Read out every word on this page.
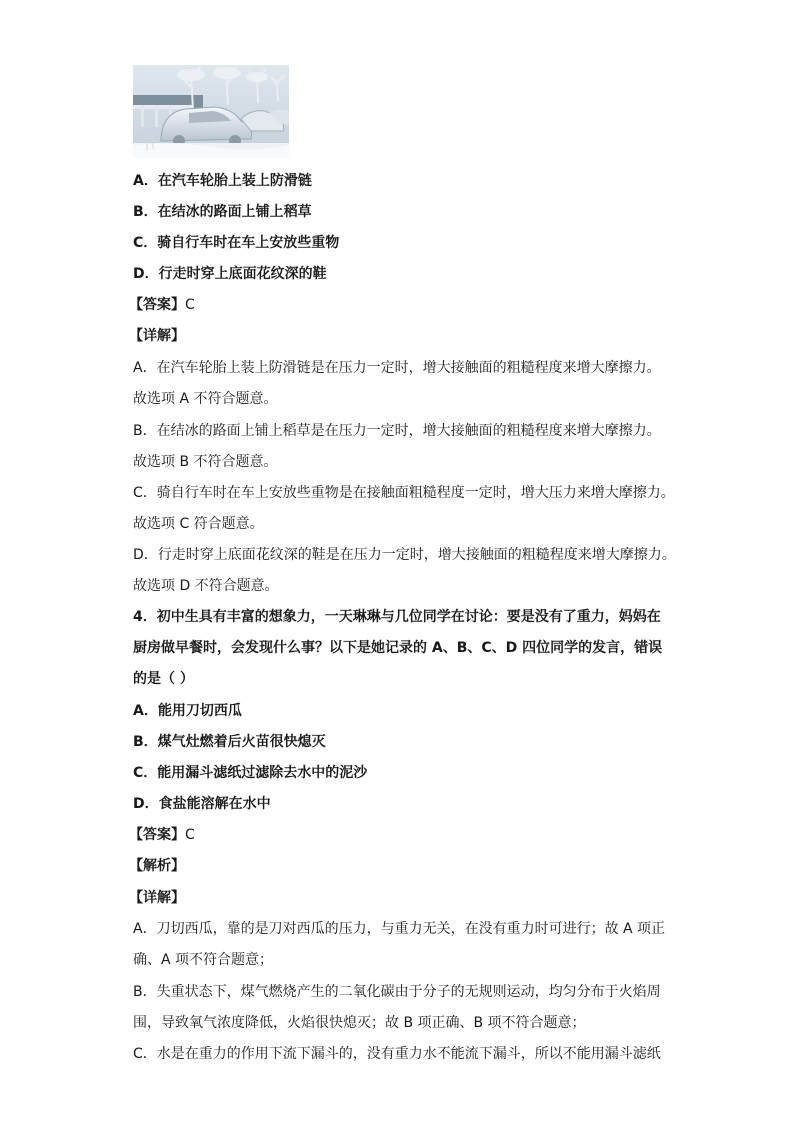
A．在汽车轮胎上装上防滑链
B．在结冰的路面上铺上稻草
C．骑自行车时在车上安放些重物
D．行走时穿上底面花纹深的鞋
【答案】C
【详解】
A．在汽车轮胎上装上防滑链是在压力一定时，增大接触面的粗糙程度来增大摩擦力。
故选项 A 不符合题意。
B．在结冰的路面上铺上稻草是在压力一定时，增大接触面的粗糙程度来增大摩擦力。
故选项 B 不符合题意。
C．骑自行车时在车上安放些重物是在接触面粗糙程度一定时，增大压力来增大摩擦力。
故选项 C 符合题意。
D．行走时穿上底面花纹深的鞋是在压力一定时，增大接触面的粗糙程度来增大摩擦力。
故选项 D 不符合题意。
4．初中生具有丰富的想象力，一天琳琳与几位同学在讨论：要是没有了重力，妈妈在
厨房做早餐时，会发现什么事？以下是她记录的 A、B、C、D 四位同学的发言，错误
的是（ ）
A．能用刀切西瓜
B．煤气灶燃着后火苗很快熄灭
C．能用漏斗滤纸过滤除去水中的泥沙
D．食盐能溶解在水中
【答案】C
【解析】
【详解】
A．刀切西瓜，靠的是刀对西瓜的压力，与重力无关，在没有重力时可进行；故 A 项正
确、A 项不符合题意；
B．失重状态下，煤气燃烧产生的二氧化碳由于分子的无规则运动，均匀分布于火焰周
围，导致氧气浓度降低，火焰很快熄灭；故 B 项正确、B 项不符合题意；
C．水是在重力的作用下流下漏斗的，没有重力水不能流下漏斗，所以不能用漏斗滤纸
